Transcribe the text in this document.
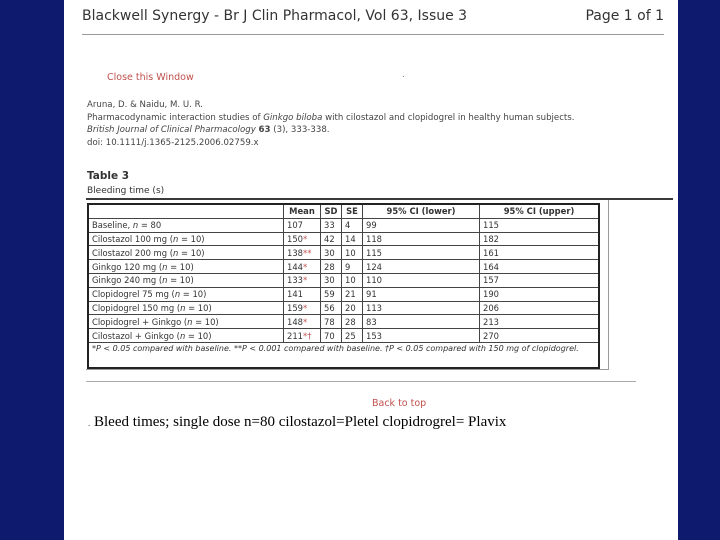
Blackwell Synergy - Br J Clin Pharmacol, Vol 63, Issue 3	Page 1 of 1
Close this Window	.
Aruna, D. & Naidu, M. U. R.
Pharmacodynamic interaction studies of Ginkgo biloba with cilostazol and clopidogrel in healthy human subjects.
British Journal of Clinical Pharmacology 63 (3), 333-338.
doi: 10.1111/j.1365-2125.2006.02759.x
Table 3
Bleeding time (s)
	Mean	SD	SE	95% CI (lower)	95% CI (upper)
Baseline, n = 80	107	33	4	99	115
Cilostazol 100 mg (n = 10)	150*	42	14	118	182
Cilostazol 200 mg (n = 10)	138**	30	10	115	161
Ginkgo 120 mg (n = 10)	144*	28	9	124	164
Ginkgo 240 mg (n = 10)	133*	30	10	110	157
Clopidogrel 75 mg (n = 10)	141	59	21	91	190
Clopidogrel 150 mg (n = 10)	159*	56	20	113	206
Clopidogrel + Ginkgo (n = 10)	148*	78	28	83	213
Cilostazol + Ginkgo (n = 10)	211*†	70	25	153	270
*P < 0.05 compared with baseline. **P < 0.001 compared with baseline. †P < 0.05 compared with 150 mg of clopidogrel.					
Back to top
. Bleed times; single dose n=80 cilostazol=Pletel clopidrogrel= Plavix
